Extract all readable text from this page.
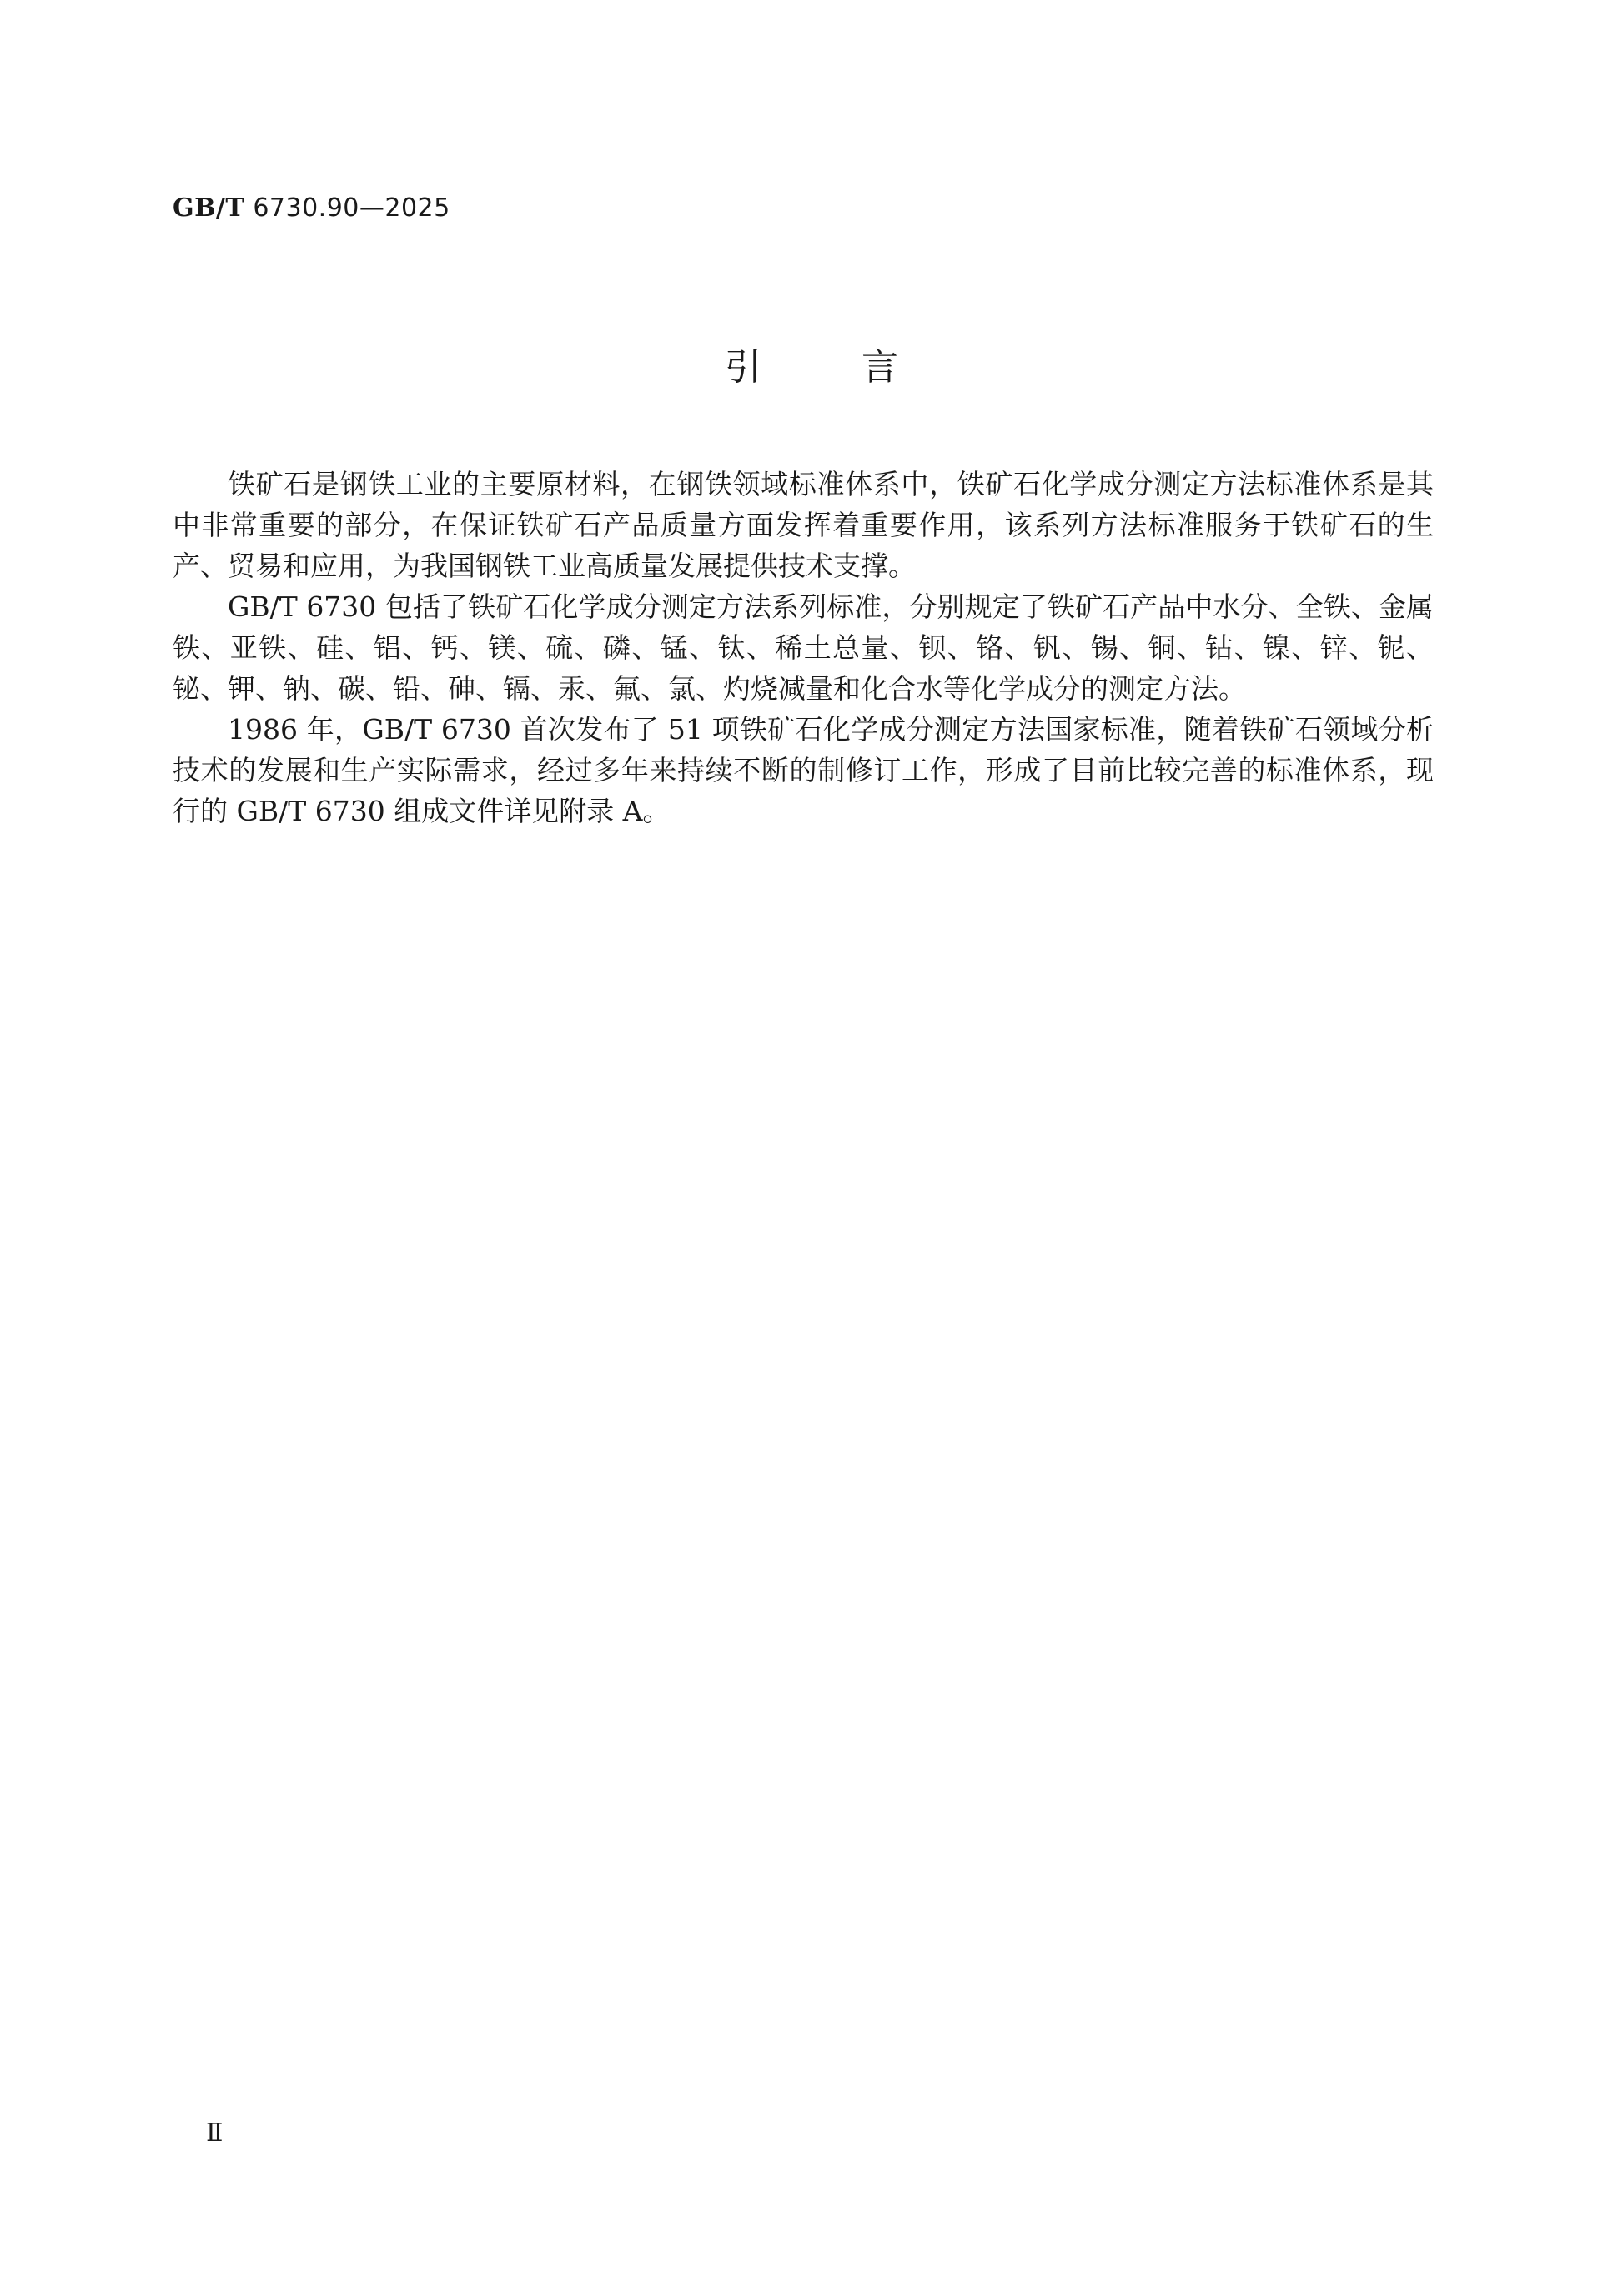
GB/T 6730.90—2025
引言

铁矿石是钢铁工业的主要原材料，在钢铁领域标准体系中，铁矿石化学成分测定方法标准体系是其中非常重要的部分，在保证铁矿石产品质量方面发挥着重要作用，该系列方法标准服务于铁矿石的生产、贸易和应用，为我国钢铁工业高质量发展提供技术支撑。

GB/T 6730 包括了铁矿石化学成分测定方法系列标准，分别规定了铁矿石产品中水分、全铁、金属铁、亚铁、硅、铝、钙、镁、硫、磷、锰、钛、稀土总量、钡、铬、钒、锡、铜、钴、镍、锌、铌、铋、钾、钠、碳、铅、砷、镉、汞、氟、氯、灼烧减量和化合水等化学成分的测定方法。

1986 年，GB/T 6730 首次发布了 51 项铁矿石化学成分测定方法国家标准，随着铁矿石领域分析技术的发展和生产实际需求，经过多年来持续不断的制修订工作，形成了目前比较完善的标准体系，现行的 GB/T 6730 组成文件详见附录 A。

Ⅱ
